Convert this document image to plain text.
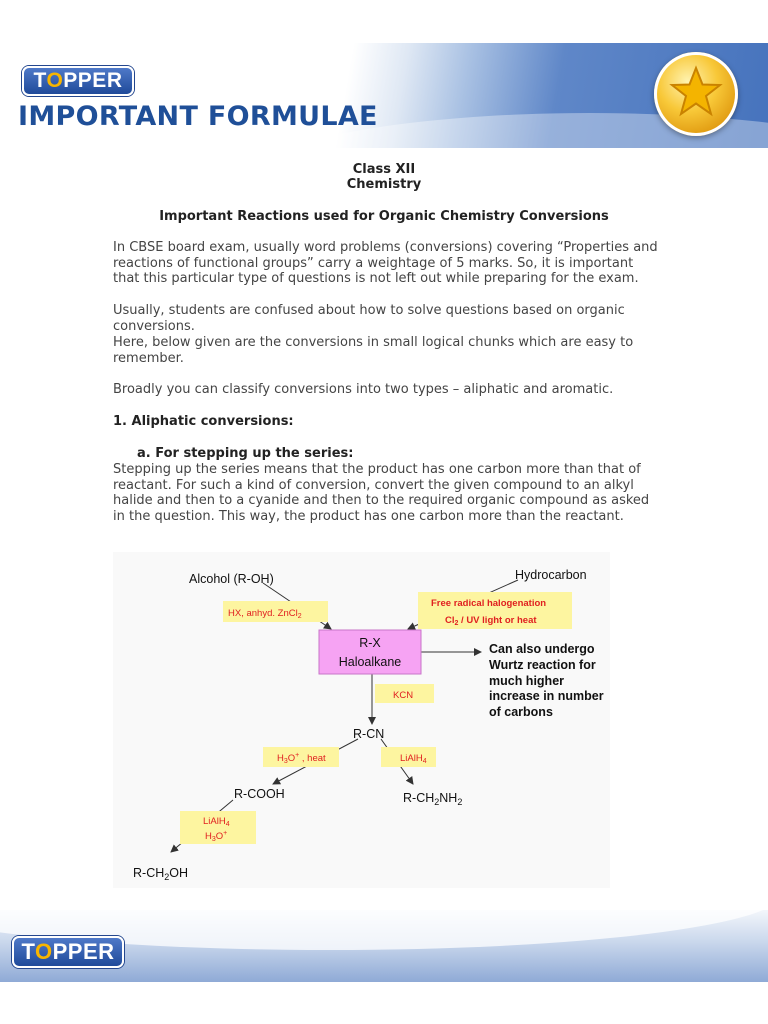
TOPPER
IMPORTANT FORMULAE
Class XII
Chemistry
Important Reactions used for Organic Chemistry Conversions

In CBSE board exam, usually word problems (conversions) covering “Properties and reactions of functional groups” carry a weightage of 5 marks. So, it is important that this particular type of questions is not left out while preparing for the exam.

Usually, students are confused about how to solve questions based on organic conversions.

Here, below given are the conversions in small logical chunks which are easy to remember.

Broadly you can classify conversions into two types – aliphatic and aromatic.

1. Aliphatic conversions:
a. For stepping up the series:

Stepping up the series means that the product has one carbon more than that of reactant. For such a kind of conversion, convert the given compound to an alkyl halide and then to a cyanide and then to the required organic compound as asked in the question. This way, the product has one carbon more than the reactant.

Alcohol (R-OH)	Hydrocarbon
HX, anhyd. ZnCl$_2$
Free radical halogenation
$Cl_2$ / UV light or heat
R-X
Haloalkane
Can also undergo
Wurtz reaction for
much higher
increase in number
of carbons
KCN
R-CN
$H_3O^+$ , heat	LiAlH$_4$
R-COOH	$R-CH_2NH_2$
LiAlH$_4$
$H_3O^+$
$R-CH_2OH$
TOPPER
